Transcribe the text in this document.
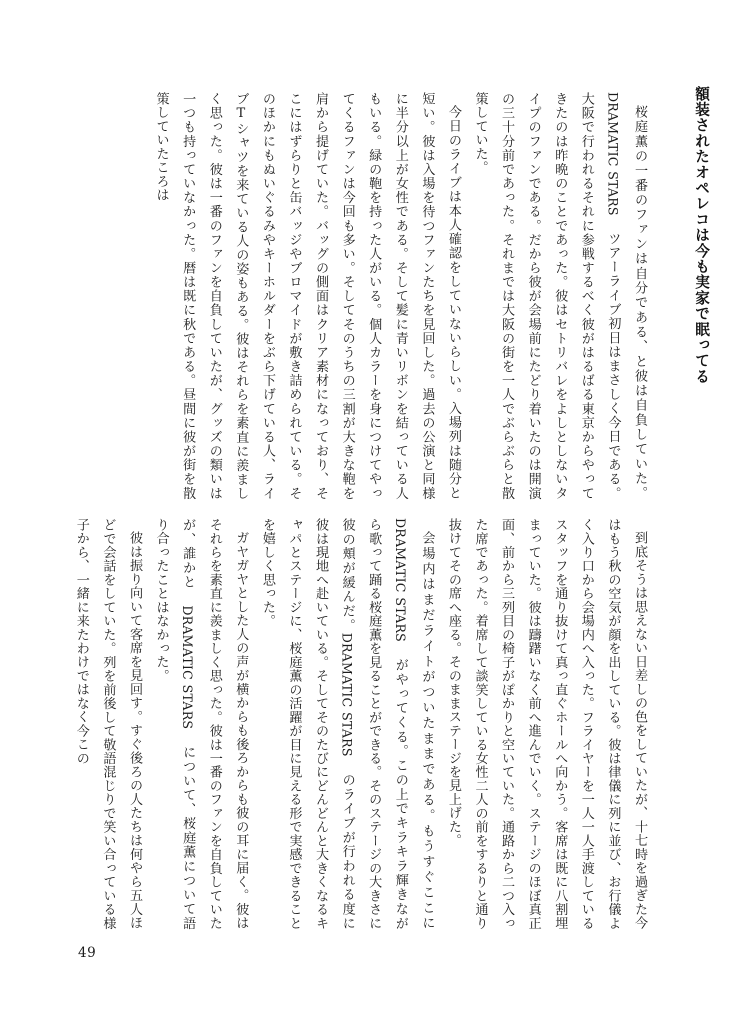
額装されたオペレコは今も実家で眠ってる

桜庭薫の一番のファンは自分である、と彼は自負していた。DRAMATIC STARS ツアーライブ初日はまさしく今日である。大阪で行われるそれに参戦するべく彼がはるばる東京からやってきたのは昨晩のことであった。彼はセトリバレをよしとしないタイプのファンである。だから彼が会場前にたどり着いたのは開演の三十分前であった。それまでは大阪の街を一人でぶらぶらと散策していた。

今日のライブは本人確認をしていないらしい。入場列は随分と短い。彼は入場を待つファンたちを見回した。過去の公演と同様に半分以上が女性である。そして髪に青いリボンを結っている人もいる。緑の鞄を持った人がいる。個人カラーを身につけてやってくるファンは今回も多い。そしてそのうちの三割が大きな鞄を肩から提げていた。バッグの側面はクリア素材になっており、そこにはずらりと缶バッジやブロマイドが敷き詰められている。そのほかにもぬいぐるみやキーホルダーをぶら下げている人、ライブTシャツを来ている人の姿もある。彼はそれらを素直に羨ましく思った。彼は一番のファンを自負していたが、グッズの類いは一つも持っていなかった。暦は既に秋である。昼間に彼が街を散策していたころは

到底そうは思えない日差しの色をしていたが、十七時を過ぎた今はもう秋の空気が顔を出している。彼は律儀に列に並び、お行儀よく入り口から会場内へ入った。フライヤーを一人一人手渡しているスタッフを通り抜けて真っ直ぐホールへ向かう。客席は既に八割埋まっていた。彼は躊躇いなく前へ進んでいく。ステージのほぼ真正面、前から三列目の椅子がぽかりと空いていた。通路から二つ入った席であった。着席して談笑している女性二人の前をするりと通り抜けてその席へ座る。そのままステージを見上げた。

会場内はまだライトがついたままである。もうすぐここに DRAMATIC STARS がやってくる。この上でキラキラ輝きながら歌って踊る桜庭薫を見ることができる。そのステージの大きさに彼の頬が緩んだ。DRAMATIC STARS のライブが行われる度に彼は現地へ赴いている。そしてそのたびにどんどんと大きくなるキャパとステージに、桜庭薫の活躍が目に見える形で実感できることを嬉しく思った。

ガヤガヤとした人の声が横からも後ろからも彼の耳に届く。彼はそれらを素直に羨ましく思った。彼は一番のファンを自負していたが、誰かと DRAMATIC STARS について、桜庭薫について語り合ったことはなかった。

彼は振り向いて客席を見回す。すぐ後ろの人たちは何やら五人ほどで会話をしていた。列を前後して敬語混じりで笑い合っている様子から、一緒に来たわけではなく今この

49
